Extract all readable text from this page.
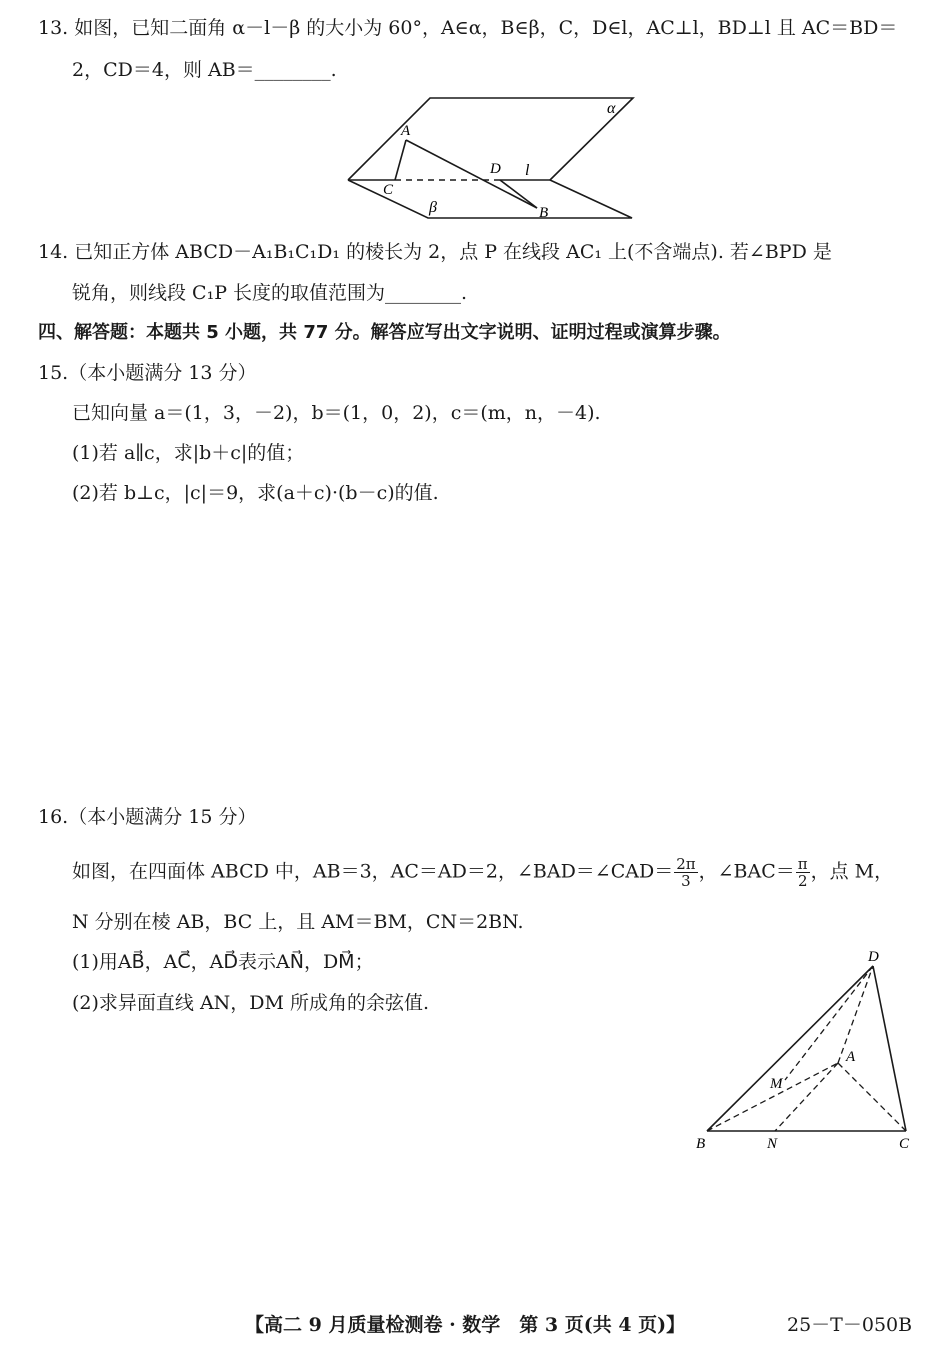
13. 如图，已知二面角 α－l－β 的大小为 60°，A∈α，B∈β，C，D∈l，AC⊥l，BD⊥l 且 AC＝BD＝
2，CD＝4，则 AB＝________.
α
β
A
B
C
D l
14. 已知正方体 ABCD－A₁B₁C₁D₁ 的棱长为 2，点 P 在线段 AC₁ 上(不含端点). 若∠BPD 是
锐角，则线段 C₁P 长度的取值范围为________.
四、解答题：本题共 5 小题，共 77 分。解答应写出文字说明、证明过程或演算步骤。
15.（本小题满分 13 分）
已知向量 a＝(1，3，－2)，b＝(1，0，2)，c＝(m，n，－4).
(1)若 a∥c，求|b＋c|的值；
(2)若 b⊥c，|c|＝9，求(a＋c)·(b－c)的值.
16.（本小题满分 15 分）
如图，在四面体 ABCD 中，AB＝3，AC＝AD＝2，∠BAD＝∠CAD＝ $\frac{2\pi}{3}$ ，∠BAC＝ $\frac{\pi}{2}$ ，点 M，
N 分别在棱 AB，BC 上，且 AM＝BM，CN＝2BN.
(1)用AB⃗，AC⃗，AD⃗表示AN⃗，DM⃗；
(2)求异面直线 AN，DM 所成角的余弦值.
D
A
M
B	N	C
【高二 9 月质量检测卷 · 数学　第 3 页(共 4 页)】	25－T－050B
